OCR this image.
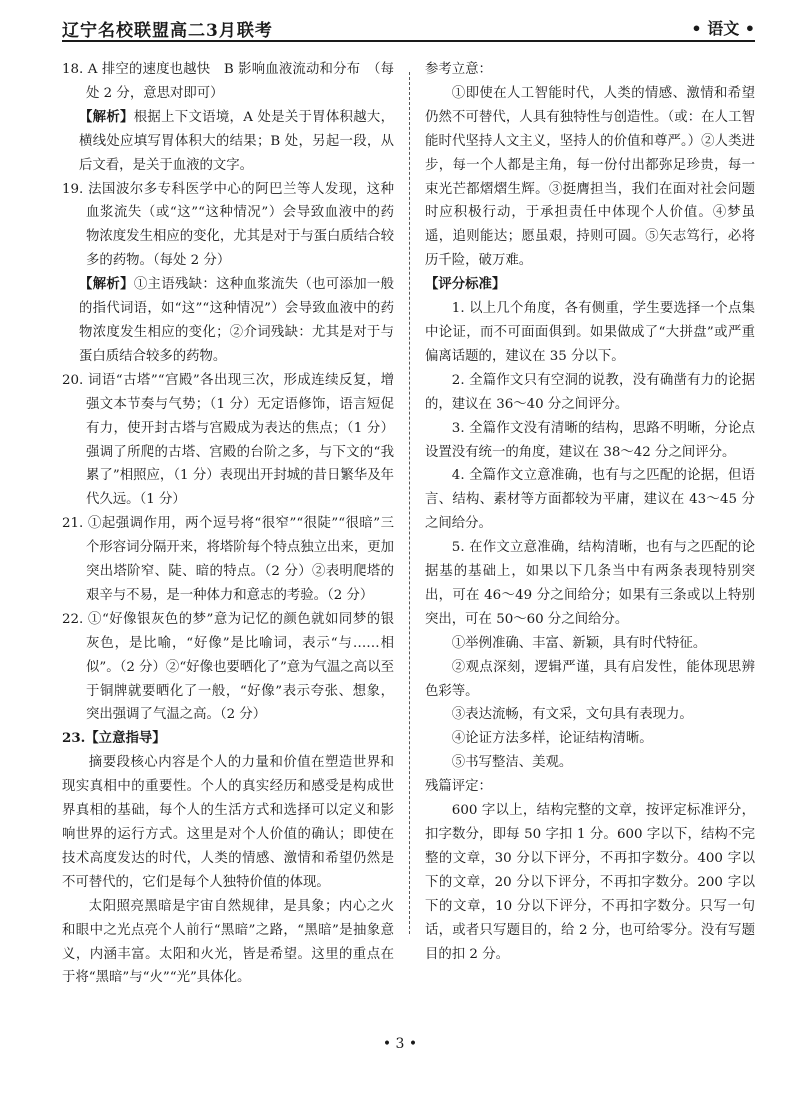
辽宁名校联盟高二3月联考	• 语文 •

18. A 排空的速度也越快　B 影响血液流动和分布　（每处 2 分，意思对即可）

【解析】根据上下文语境，A 处是关于胃体积越大，横线处应填写胃体积大的结果；B 处，另起一段，从后文看，是关于血液的文字。

19. 法国波尔多专科医学中心的阿巴兰等人发现，这种血浆流失（或“这”“这种情况”）会导致血液中的药物浓度发生相应的变化，尤其是对于与蛋白质结合较多的药物。（每处 2 分）

【解析】①主语残缺：这种血浆流失（也可添加一般的指代词语，如“这”“这种情况”）会导致血液中的药物浓度发生相应的变化；②介词残缺：尤其是对于与蛋白质结合较多的药物。

20. 词语“古塔”“宫殿”各出现三次，形成连续反复，增强文本节奏与气势；（1 分）无定语修饰，语言短促有力，使开封古塔与宫殿成为表达的焦点；（1 分）强调了所爬的古塔、宫殿的台阶之多，与下文的“我累了”相照应，（1 分）表现出开封城的昔日繁华及年代久远。（1 分）

21. ①起强调作用，两个逗号将“很窄”“很陡”“很暗”三个形容词分隔开来，将塔阶每个特点独立出来，更加突出塔阶窄、陡、暗的特点。（2 分）②表明爬塔的艰辛与不易，是一种体力和意志的考验。（2 分）

22. ①“好像银灰色的梦”意为记忆的颜色就如同梦的银灰色，是比喻，“好像”是比喻词，表示“与……相似”。（2 分）②“好像也要晒化了”意为气温之高以至于铜牌就要晒化了一般，“好像”表示夸张、想象，突出强调了气温之高。（2 分）

23.【立意指导】

摘要段核心内容是个人的力量和价值在塑造世界和现实真相中的重要性。个人的真实经历和感受是构成世界真相的基础，每个人的生活方式和选择可以定义和影响世界的运行方式。这里是对个人价值的确认；即使在技术高度发达的时代，人类的情感、激情和希望仍然是不可替代的，它们是每个人独特价值的体现。

太阳照亮黑暗是宇宙自然规律，是具象；内心之火和眼中之光点亮个人前行“黑暗”之路，“黑暗”是抽象意义，内涵丰富。太阳和火光，皆是希望。这里的重点在于将“黑暗”与“火”“光”具体化。

参考立意：

①即使在人工智能时代，人类的情感、激情和希望仍然不可替代，人具有独特性与创造性。（或：在人工智能时代坚持人文主义，坚持人的价值和尊严。）②人类进步，每一个人都是主角，每一份付出都弥足珍贵，每一束光芒都熠熠生辉。③挺膺担当，我们在面对社会问题时应积极行动，于承担责任中体现个人价值。④梦虽遥，追则能达；愿虽艰，持则可圆。⑤矢志笃行，必将历千险，破万难。

【评分标准】

1. 以上几个角度，各有侧重，学生要选择一个点集中论证，而不可面面俱到。如果做成了“大拼盘”或严重偏离话题的，建议在 35 分以下。

2. 全篇作文只有空洞的说教，没有确凿有力的论据的，建议在 36～40 分之间评分。

3. 全篇作文没有清晰的结构，思路不明晰，分论点设置没有统一的角度，建议在 38～42 分之间评分。

4. 全篇作文立意准确，也有与之匹配的论据，但语言、结构、素材等方面都较为平庸，建议在 43～45 分之间给分。

5. 在作文立意准确，结构清晰，也有与之匹配的论据基的基础上，如果以下几条当中有两条表现特别突出，可在 46～49 分之间给分；如果有三条或以上特别突出，可在 50～60 分之间给分。

①举例准确、丰富、新颖，具有时代特征。

②观点深刻，逻辑严谨，具有启发性，能体现思辨色彩等。

③表达流畅，有文采，文句具有表现力。

④论证方法多样，论证结构清晰。

⑤书写整洁、美观。

残篇评定：

600 字以上，结构完整的文章，按评定标准评分，扣字数分，即每 50 字扣 1 分。600 字以下，结构不完整的文章，30 分以下评分，不再扣字数分。400 字以下的文章，20 分以下评分，不再扣字数分。200 字以下的文章，10 分以下评分，不再扣字数分。只写一句话，或者只写题目的，给 2 分，也可给零分。没有写题目的扣 2 分。

• 3 •
